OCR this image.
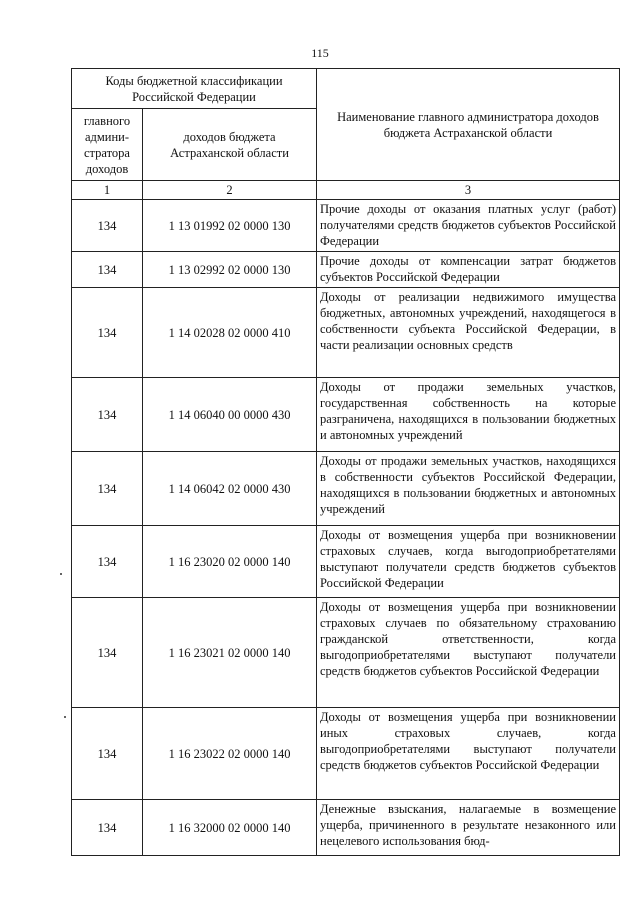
115
Коды бюджетной классификации Российской Федерации		Наименование главного администратора доходов бюджета Астраханской области
главного админи-стратора доходов	доходов бюджета Астраханской области	
1	2	3
134	1 13 01992 02 0000 130	Прочие доходы от оказания платных услуг (работ) получателями средств бюджетов субъектов Российской Федерации
134	1 13 02992 02 0000 130	Прочие доходы от компенсации затрат бюджетов субъектов Российской Федерации
134	1 14 02028 02 0000 410	Доходы от реализации недвижимого имущества бюджетных, автономных учреждений, находящегося в собственности субъекта Российской Федерации, в части реализации основных средств
134	1 14 06040 00 0000 430	Доходы от продажи земельных участков, государственная собственность на которые разграничена, находящихся в пользовании бюджетных и автономных учреждений
134	1 14 06042 02 0000 430	Доходы от продажи земельных участков, находящихся в собственности субъектов Российской Федерации, находящихся в пользовании бюджетных и автономных учреждений
134	1 16 23020 02 0000 140	Доходы от возмещения ущерба при возникновении страховых случаев, когда выгодоприобретателями выступают получатели средств бюджетов субъектов Российской Федерации
134	1 16 23021 02 0000 140	Доходы от возмещения ущерба при возникновении страховых случаев по обязательному страхованию гражданской ответственности, когда выгодоприобретателями выступают получатели средств бюджетов субъектов Российской Федерации
134	1 16 23022 02 0000 140	Доходы от возмещения ущерба при возникновении иных страховых случаев, когда выгодоприобретателями выступают получатели средств бюджетов субъектов Российской Федерации
134	1 16 32000 02 0000 140	Денежные взыскания, налагаемые в возмещение ущерба, причиненного в результате незаконного или нецелевого использования бюд-
